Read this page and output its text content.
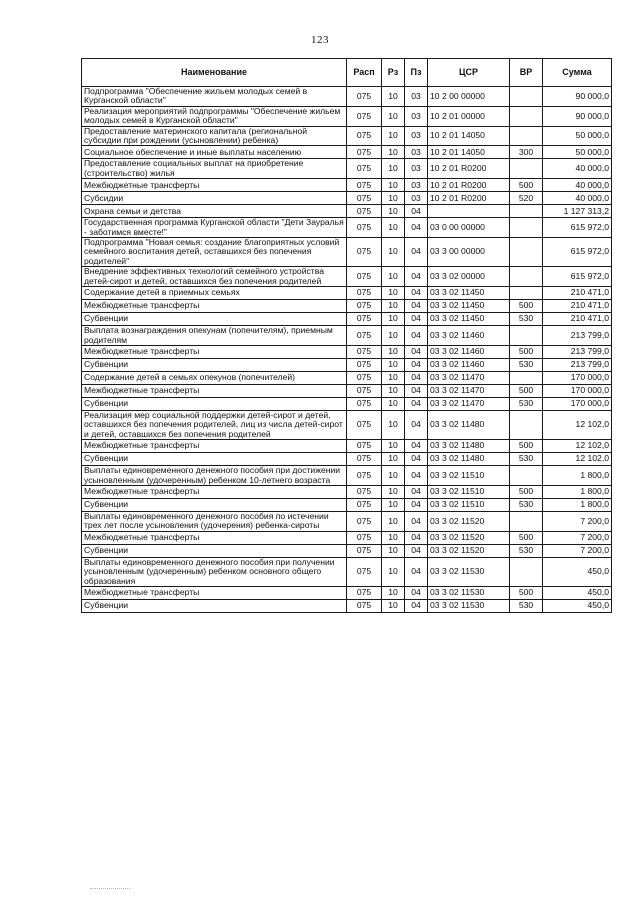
123
Наименование	Расп	Рз	Пз	ЦСР	ВР	Сумма
Подпрограмма "Обеспечение жильем молодых семей в Курганской области"	075	10	03	10 2 00 00000		90 000,0
Реализация мероприятий подпрограммы "Обеспечение жильем молодых семей в Курганской области"	075	10	03	10 2 01 00000		90 000,0
Предоставление материнского капитала (региональной субсидии при рождении (усыновлении) ребенка)	075	10	03	10 2 01 14050		50 000,0
Социальное обеспечение и иные выплаты населению	075	10	03	10 2 01 14050	300	50 000,0
Предоставление социальных выплат на приобретение (строительство) жилья	075	10	03	10 2 01 R0200		40 000,0
Межбюджетные трансферты	075	10	03	10 2 01 R0200	500	40 000,0
Субсидии	075	10	03	10 2 01 R0200	520	40 000,0
Охрана семьи и детства	075	10	04			1 127 313,2
Государственная программа Курганской области "Дети Зауралья - заботимся вместе!"	075	10	04	03 0 00 00000		615 972,0
Подпрограмма "Новая семья: создание благоприятных условий семейного воспитания детей, оставшихся без попечения родителей"	075	10	04	03 3 00 00000		615 972,0
Внедрение эффективных технологий семейного устройства детей-сирот и детей, оставшихся без попечения родителей	075	10	04	03 3 02 00000		615 972,0
Содержание детей в приемных семьях	075	10	04	03 3 02 11450		210 471,0
Межбюджетные трансферты	075	10	04	03 3 02 11450	500	210 471,0
Субвенции	075	10	04	03 3 02 11450	530	210 471,0
Выплата вознаграждения опекунам (попечителям), приемным родителям	075	10	04	03 3 02 11460		213 799,0
Межбюджетные трансферты	075	10	04	03 3 02 11460	500	213 799,0
Субвенции	075	10	04	03 3 02 11460	530	213 799,0
Содержание детей в семьях опекунов (попечителей)	075	10	04	03 3 02 11470		170 000,0
Межбюджетные трансферты	075	10	04	03 3 02 11470	500	170 000,0
Субвенции	075	10	04	03 3 02 11470	530	170 000,0
Реализация мер социальной поддержки детей-сирот и детей, оставшихся без попечения родителей, лиц из числа детей-сирот и детей, оставшихся без попечения родителей	075	10	04	03 3 02 11480		12 102,0
Межбюджетные трансферты	075	10	04	03 3 02 11480	500	12 102,0
Субвенции	075	10	04	03 3 02 11480	530	12 102,0
Выплаты единовременного денежного пособия при достижении усыновленным (удочеренным) ребенком 10-летнего возраста	075	10	04	03 3 02 11510		1 800,0
Межбюджетные трансферты	075	10	04	03 3 02 11510	500	1 800,0
Субвенции	075	10	04	03 3 02 11510	530	1 800,0
Выплаты единовременного денежного пособия по истечении трех лет после усыновления (удочерения) ребенка-сироты	075	10	04	03 3 02 11520		7 200,0
Межбюджетные трансферты	075	10	04	03 3 02 11520	500	7 200,0
Субвенции	075	10	04	03 3 02 11520	530	7 200,0
Выплаты единовременного денежного пособия при получении усыновленным (удочеренным) ребенком основного общего образования	075	10	04	03 3 02 11530		450,0
Межбюджетные трансферты	075	10	04	03 3 02 11530	500	450,0
Субвенции	075	10	04	03 3 02 11530	530	450,0
